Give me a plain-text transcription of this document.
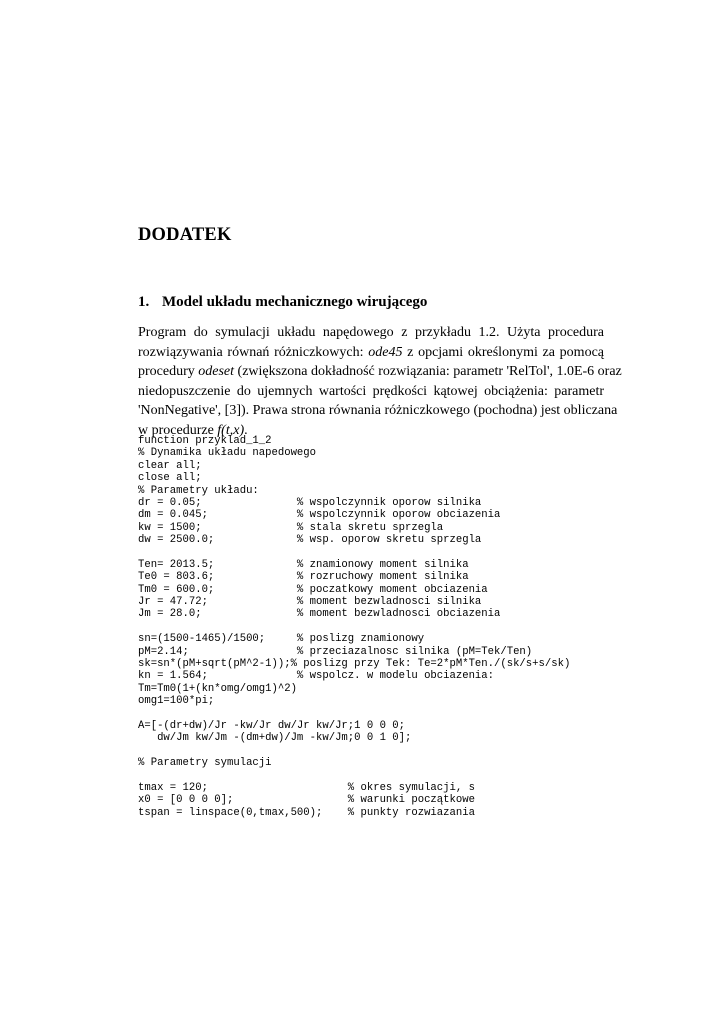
DODATEK
1. Model układu mechanicznego wirującego
Program do symulacji układu napędowego z przykładu 1.2. Użyta procedura
rozwiązywania równań różniczkowych: ode45 z opcjami określonymi za pomocą
procedury odeset (zwiększona dokładność rozwiązania: parametr 'RelTol', 1.0E-6 oraz
niedopuszczenie do ujemnych wartości prędkości kątowej obciążenia: parametr
'NonNegative', [3]). Prawa strona równania różniczkowego (pochodna) jest obliczana
w procedurze f(t,x).
function przyklad_1_2
% Dynamika układu napedowego
clear all;
close all;
% Parametry układu:
dr = 0.05;               % wspolczynnik oporow silnika
dm = 0.045;              % wspolczynnik oporow obciazenia
kw = 1500;               % stala skretu sprzegla
dw = 2500.0;             % wsp. oporow skretu sprzegla
Ten= 2013.5;             % znamionowy moment silnika
Te0 = 803.6;             % rozruchowy moment silnika
Tm0 = 600.0;             % poczatkowy moment obciazenia
Jr = 47.72;              % moment bezwladnosci silnika
Jm = 28.0;               % moment bezwladnosci obciazenia
sn=(1500-1465)/1500;     % poslizg znamionowy
pM=2.14;                 % przeciazalnosc silnika (pM=Tek/Ten)
sk=sn*(pM+sqrt(pM^2-1));% poslizg przy Tek: Te=2*pM*Ten./(sk/s+s/sk)
kn = 1.564;              % wspolcz. w modelu obciazenia:
Tm=Tm0(1+(kn*omg/omg1)^2)
omg1=100*pi;
A=[-(dr+dw)/Jr -kw/Jr dw/Jr kw/Jr;1 0 0 0;
dw/Jm kw/Jm -(dm+dw)/Jm -kw/Jm;0 0 1 0];
% Parametry symulacji
tmax = 120;                      % okres symulacji, s
x0 = [0 0 0 0];                  % warunki początkowe
tspan = linspace(0,tmax,500);    % punkty rozwiazania
